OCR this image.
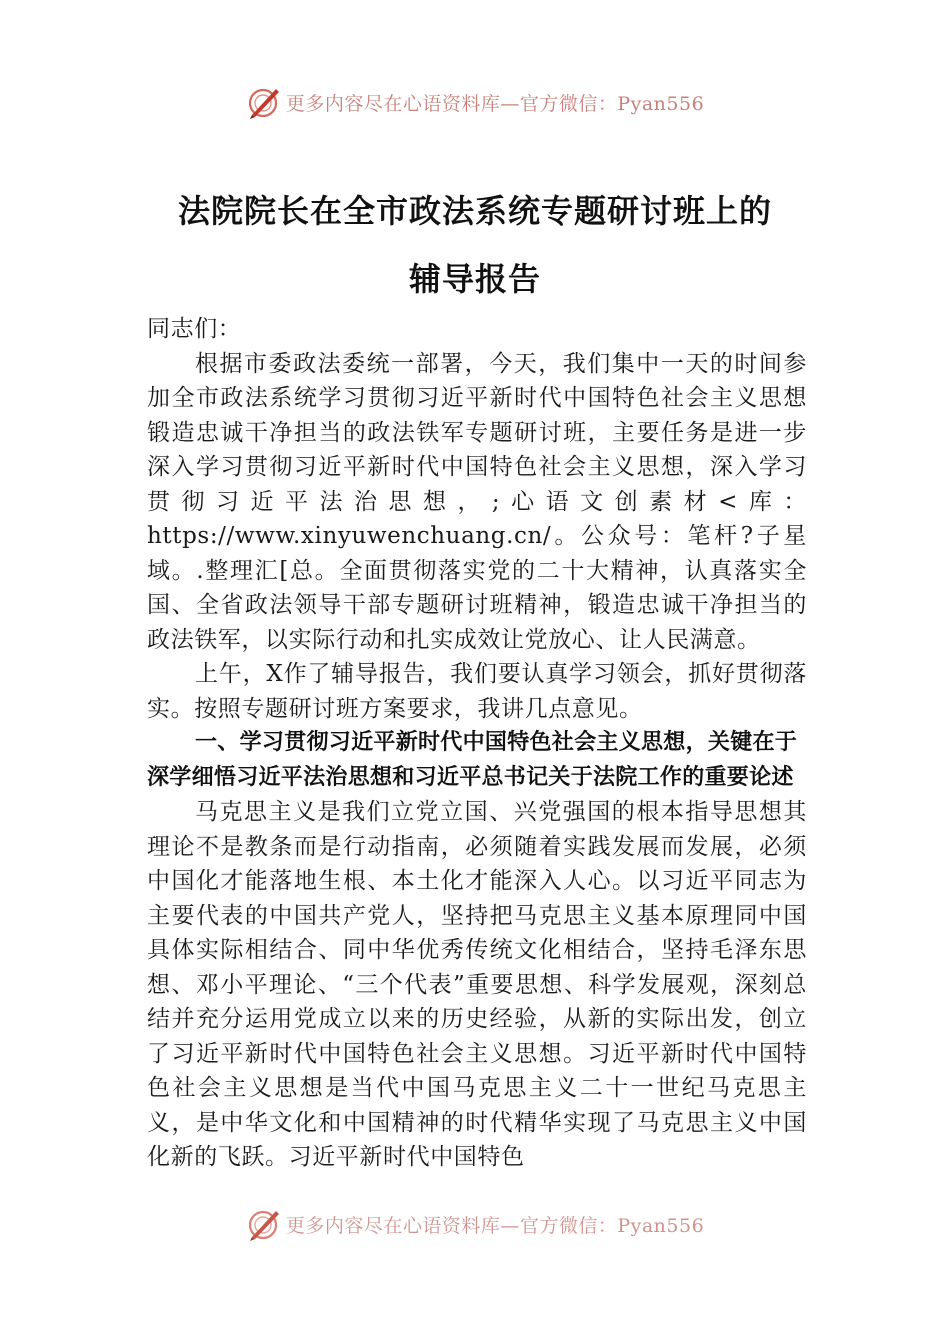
更多内容尽在心语资料库—官方微信：Pyan556
法院院长在全市政法系统专题研讨班上的
辅导报告

同志们：

根据市委政法委统一部署，今天，我们集中一天的时间参加全市政法系统学习贯彻习近平新时代中国特色社会主义思想锻造忠诚干净担当的政法铁军专题研讨班，主要任务是进一步深入学习贯彻习近平新时代中国特色社会主义思想，深入学习贯彻习近平法治思想，;心语文创素材<库：https://www.xinyuwenchuang.cn/。公众号：笔杆?子星域。.整理汇[总。全面贯彻落实党的二十大精神，认真落实全国、全省政法领导干部专题研讨班精神，锻造忠诚干净担当的政法铁军，以实际行动和扎实成效让党放心、让人民满意。

上午，X作了辅导报告，我们要认真学习领会，抓好贯彻落实。按照专题研讨班方案要求，我讲几点意见。

一、学习贯彻习近平新时代中国特色社会主义思想，关键在于深学细悟习近平法治思想和习近平总书记关于法院工作的重要论述

马克思主义是我们立党立国、兴党强国的根本指导思想其理论不是教条而是行动指南，必须随着实践发展而发展，必须中国化才能落地生根、本土化才能深入人心。以习近平同志为主要代表的中国共产党人，坚持把马克思主义基本原理同中国具体实际相结合、同中华优秀传统文化相结合，坚持毛泽东思想、邓小平理论、“三个代表”重要思想、科学发展观，深刻总结并充分运用党成立以来的历史经验，从新的实际出发，创立了习近平新时代中国特色社会主义思想。习近平新时代中国特色社会主义思想是当代中国马克思主义二十一世纪马克思主义，是中华文化和中国精神的时代精华实现了马克思主义中国化新的飞跃。习近平新时代中国特色

更多内容尽在心语资料库—官方微信：Pyan556
